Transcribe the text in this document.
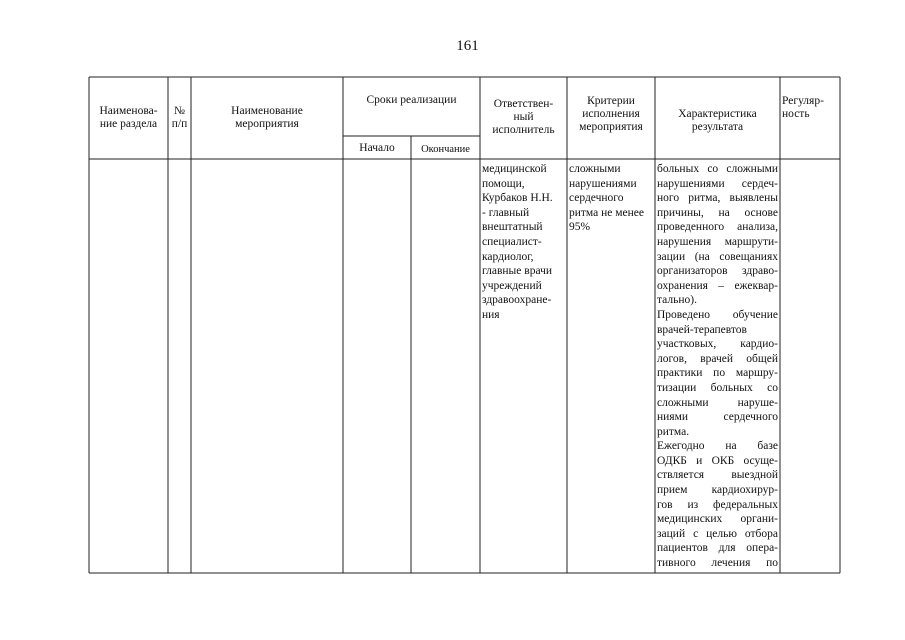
161
Наименова-
ние раздела
№
п/п
Наименование
мероприятия
Сроки реализации
Начало	Окончание
Ответствен-
ный
исполнитель
Критерии
исполнения
мероприятия
Характеристика
результата
Регуляр-
ность
медицинской
помощи,
Курбаков Н.Н.
- главный
внештатный
специалист-
кардиолог,
главные врачи
учреждений
здравоохране-
ния
сложными
нарушениями
сердечного
ритма не менее
95%
больных со сложными
нарушениями сердеч-
ного ритма, выявлены
причины, на основе
проведенного анализа,
нарушения маршрути-
зации (на совещаниях
организаторов здраво-
охранения – ежеквар-
тально).
Проведено обучение
врачей-терапевтов
участковых, кардио-
логов, врачей общей
практики по маршру-
тизации больных со
сложными наруше-
ниями сердечного
ритма.
Ежегодно на базе
ОДКБ и ОКБ осуще-
ствляется выездной
прием кардиохирур-
гов из федеральных
медицинских органи-
заций с целью отбора
пациентов для опера-
тивного лечения по
